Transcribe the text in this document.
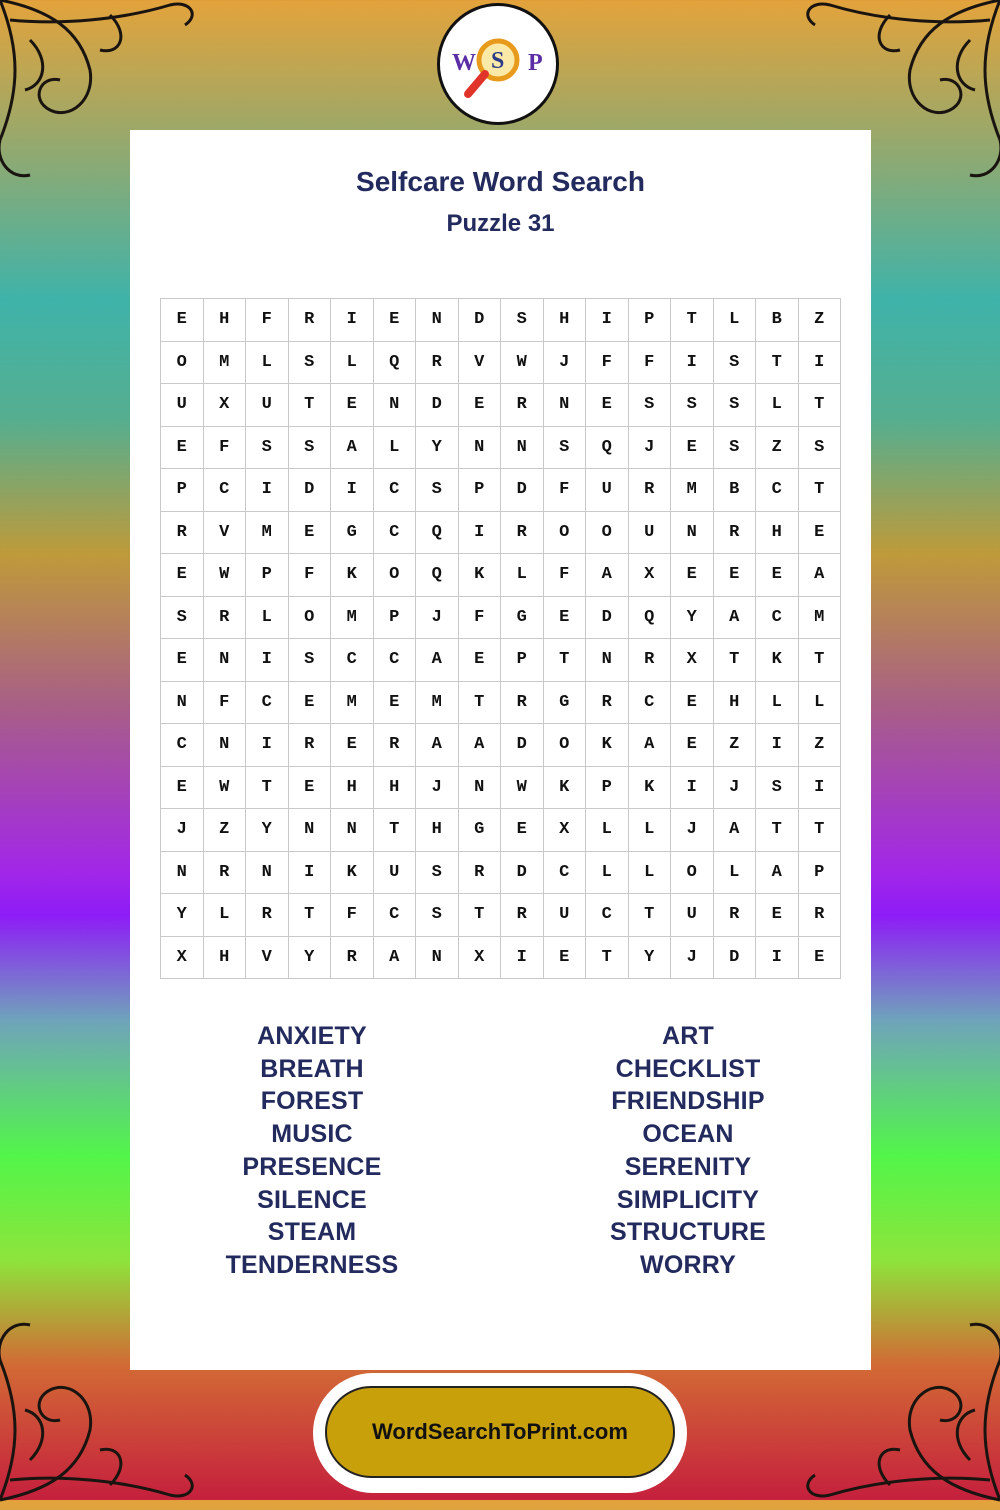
W S P
Selfcare Word Search
Puzzle 31
E	H	F	R	I	E	N	D	S	H	I	P	T	L	B	Z
O	M	L	S	L	Q	R	V	W	J	F	F	I	S	T	I
U	X	U	T	E	N	D	E	R	N	E	S	S	S	L	T
E	F	S	S	A	L	Y	N	N	S	Q	J	E	S	Z	S
P	C	I	D	I	C	S	P	D	F	U	R	M	B	C	T
R	V	M	E	G	C	Q	I	R	O	O	U	N	R	H	E
E	W	P	F	K	O	Q	K	L	F	A	X	E	E	E	A
S	R	L	O	M	P	J	F	G	E	D	Q	Y	A	C	M
E	N	I	S	C	C	A	E	P	T	N	R	X	T	K	T
N	F	C	E	M	E	M	T	R	G	R	C	E	H	L	L
C	N	I	R	E	R	A	A	D	O	K	A	E	Z	I	Z
E	W	T	E	H	H	J	N	W	K	P	K	I	J	S	I
J	Z	Y	N	N	T	H	G	E	X	L	L	J	A	T	T
N	R	N	I	K	U	S	R	D	C	L	L	O	L	A	P
Y	L	R	T	F	C	S	T	R	U	C	T	U	R	E	R
X	H	V	Y	R	A	N	X	I	E	T	Y	J	D	I	E
ANXIETY
BREATH
FOREST
MUSIC
PRESENCE
SILENCE
STEAM
TENDERNESS
ART
CHECKLIST
FRIENDSHIP
OCEAN
SERENITY
SIMPLICITY
STRUCTURE
WORRY
WordSearchToPrint.com
